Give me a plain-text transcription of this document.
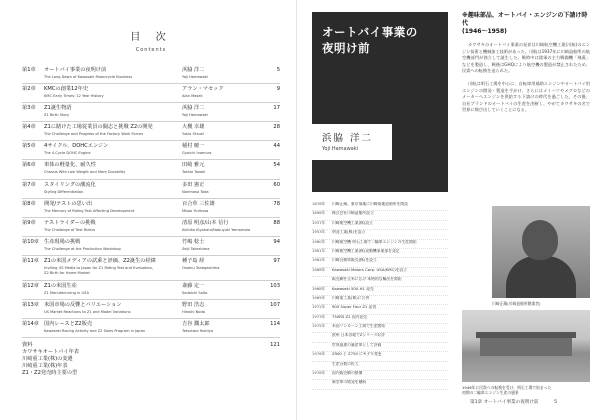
目 次
Contents
第1章	オートバイ事業の夜明け前
The Long Dawn of Kawasaki Motorcycle Business
浜脇 洋二
Yoji Hamawaki
5
第2章	KMCの創業12年史
KMC Early Times: 12 Year History
アラン・マセック
Alan Masek
9
第3章	Z1誕生物語
Z1 Birth Story
浜脇 洋二
Yoji Hamawaki
17
第4章	Z1に賭けた工場従業員の闘志と挑戦 Z2の開発
The Challenge and Progress of the Factory Work Forces
大槻 幸雄
Yukio Otsuki
28
第5章	4サイクル、DOHCエンジン
The 4-Cycle DOHC Engine
稲村 暁一
Gyoichi Inamura
44
第6章	車体の軽量化、耐久性
Chassis With Low Weight and More Durability
田崎 雅元
Toshio Tazaki
54
第7章	スタイリングの潮流化
Styling Differentiation
多田 憲正
Norimasa Tada
60
第8章	開発/テストの思い出
The Memory of Riding Test Affecting Development
百合草 三佐雄
Misao Yurikusa
78
第9章	テストライダーの挑戦
The Challenge of Test Riders
清原 明彦/山本 信行
Akihiko Kiyohara/Nobuyuki Yamamoto
88
第10章 生産現場の挑戦
The Challenge at the Production Workshop
竹嶋 稔士
Seiji Takeshima
94
第11章 Z1の米国メディアの試乗と評価、Z2誕生の経緯
Inviting US Media to Japan for Z1 Riding Test and Evaluation,
Z2 Birth for Home Market
種子島 経
Osamu Tanegashima
97
第12章 Z1の米国生産
Z1 Manufacturing in USA
斎藤 定一
Sadaichi Saito
103
第13章 米国市場の反響とバリエーション
US Market Reactions to Z1 and Model Variations
野田 浩志
Hiroshi Noda
107
第14章 国内レースとZ2販売
Kawasaki Racing Activity and Z2 Sales Program in Japan
吉谷 鐡太郎
Tetsutaro Yoshiya
114
資料	121
カワサキオートバイ年表
川崎重工業(株)の変遷
川崎重工業(株)年表
Z1・Z2発売時主要の型
オートバイ事業の
夜明け前
浜脇 洋二
Yoji Hamawaki
1878年	川崎正蔵、東京築地に川崎築地造船所を開設
1896年	株式会社川崎造船所設立
1937年	川崎航空機工業(株)設立
1953年	明発工業(株)を設立
1960年	川崎航空機 明石工場で二輪車エンジンの生産開始
1961年	川崎航空機工業(株)発動機事業部を発足
1962年	川崎自動車販売(株)を設立
1966年	Kawasaki Motors Corp. USA(KMC)を設立
販売網を全米に広げ 本格的な輸出を開始
1968年	Kawasaki 500-H1 発売
1969年	川崎重工業(株)に合併
1972年	900 Super Four Z1 発表
1973年	750RS Z2 国内発売
1975年	米国リンカーン工場で生産開始
欧州 日本各地でZシリーズ好評
世界最速の量産車として評価
1976年	Z900 と Z750 にモデル変更
生産台数の拡大
1978年	国内販売網の整備
新型車の開発を継続
※趣味部品、オートバイ・エンジンの下請け時代
(1946〜1958)
カワサキのオートバイ事業の発祥は川崎航空機工業(川航)のエンジン技術と機械加工技術があった。川航は1937年に川崎造船所の航空機部門が独立して誕生した。戦時中は陸軍の主力戦闘機「飛燕」などを製造し、戦後はGHQにより航空機の製造が禁止されたため、民需への転換を迫られた。
川航は明石工場を中心に、自転車用補助エンジンやオートバイ用エンジンの開発・製造を手がけ、さらにはメイハツやメグロなどのメーカーへエンジンを供給する下請けの時代を過ごした。その後、自社ブランドのオートバイの生産を決断し、やがてカワサキの名で世界に飛び出していくことになる。
川崎正蔵(川崎造船所創業者)
1946年に民需への転換を受け、明石工場で始まった
初期の二輪車エンジン生産の風景
第1章 オートバイ事業の夜明け前	5
